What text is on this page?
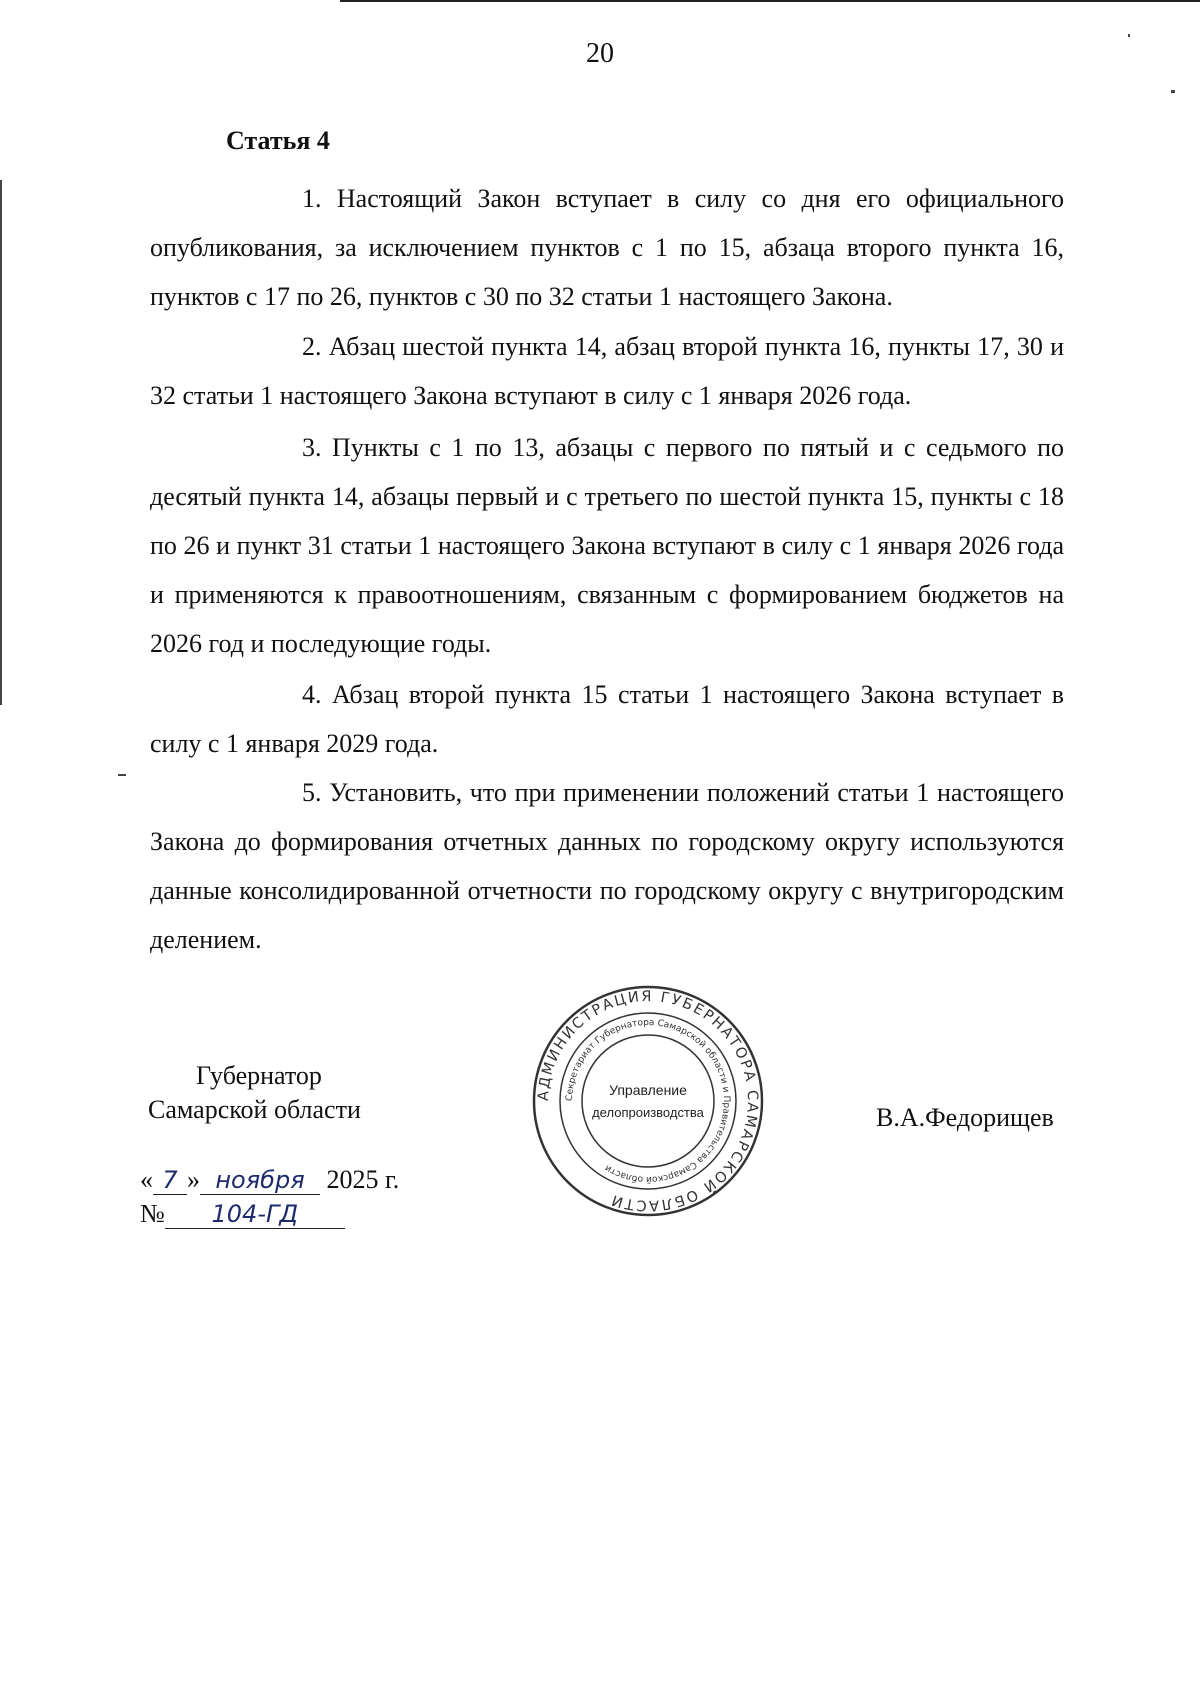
20
Статья 4

1. Настоящий Закон вступает в силу со дня его официального опубликования, за исключением пунктов с 1 по 15, абзаца второго пункта 16, пунктов с 17 по 26, пунктов с 30 по 32 статьи 1 настоящего Закона.

2. Абзац шестой пункта 14, абзац второй пункта 16, пункты 17, 30 и 32 статьи 1 настоящего Закона вступают в силу с 1 января 2026 года.

3. Пункты с 1 по 13, абзацы с первого по пятый и с седьмого по десятый пункта 14, абзацы первый и с третьего по шестой пункта 15, пункты с 18 по 26 и пункт 31 статьи 1 настоящего Закона вступают в силу с 1 января 2026 года и применяются к правоотношениям, связанным с формированием бюджетов на 2026 год и последующие годы.

4. Абзац второй пункта 15 статьи 1 настоящего Закона вступает в силу с 1 января 2029 года.

5. Установить, что при применении положений статьи 1 настоящего Закона до формирования отчетных данных по городскому округу используются данные консолидированной отчетности по городскому округу с внутригородским делением.

Губернатор
Самарской области	В.А.Федорищев
« 7 » ноября 2025 г.
№ 104-ГД
АДМИНИСТРАЦИЯ ГУБЕРНАТОРА САМАРСКОЙ ОБЛАСТИ
Секретариат Губернатора Самарской области и Правительства Самарской области
Управление
делопроизводства
